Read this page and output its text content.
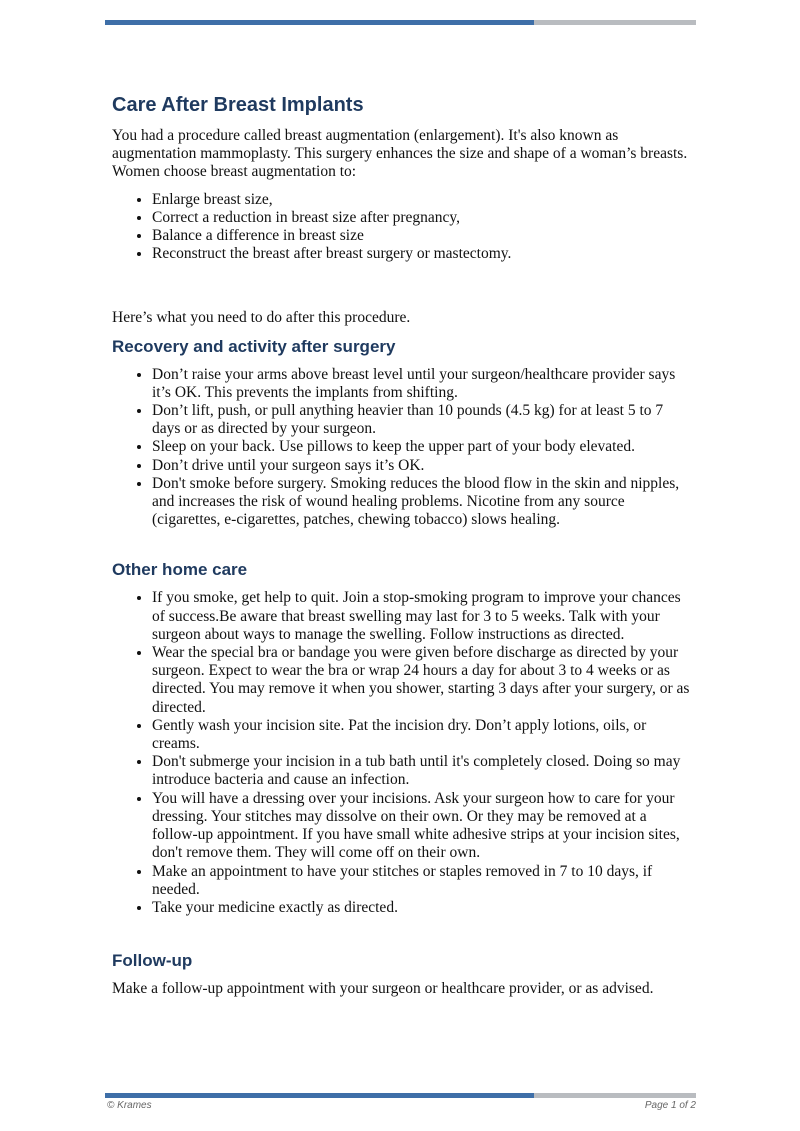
Care After Breast Implants

You had a procedure called breast augmentation (enlargement). It's also known as augmentation mammoplasty. This surgery enhances the size and shape of a woman’s breasts. Women choose breast augmentation to:

• Enlarge breast size,
• Correct a reduction in breast size after pregnancy,
• Balance a difference in breast size
• Reconstruct the breast after breast surgery or mastectomy.

Here’s what you need to do after this procedure.

Recovery and activity after surgery
• Don’t raise your arms above breast level until your surgeon/healthcare provider says it’s OK. This prevents the implants from shifting.
• Don’t lift, push, or pull anything heavier than 10 pounds (4.5 kg) for at least 5 to 7 days or as directed by your surgeon.
• Sleep on your back. Use pillows to keep the upper part of your body elevated.
• Don’t drive until your surgeon says it’s OK.
• Don't smoke before surgery. Smoking reduces the blood flow in the skin and nipples, and increases the risk of wound healing problems. Nicotine from any source (cigarettes, e-cigarettes, patches, chewing tobacco) slows healing.
Other home care
• If you smoke, get help to quit. Join a stop-smoking program to improve your chances of success.Be aware that breast swelling may last for 3 to 5 weeks. Talk with your surgeon about ways to manage the swelling. Follow instructions as directed.
• Wear the special bra or bandage you were given before discharge as directed by your surgeon. Expect to wear the bra or wrap 24 hours a day for about 3 to 4 weeks or as directed. You may remove it when you shower, starting 3 days after your surgery, or as directed.
• Gently wash your incision site. Pat the incision dry. Don’t apply lotions, oils, or creams.
• Don't submerge your incision in a tub bath until it's completely closed. Doing so may introduce bacteria and cause an infection.
• You will have a dressing over your incisions. Ask your surgeon how to care for your dressing. Your stitches may dissolve on their own. Or they may be removed at a follow-up appointment. If you have small white adhesive strips at your incision sites, don't remove them. They will come off on their own.
• Make an appointment to have your stitches or staples removed in 7 to 10 days, if needed.
• Take your medicine exactly as directed.
Follow-up

Make a follow-up appointment with your surgeon or healthcare provider, or as advised.

© Krames	Page 1 of 2
